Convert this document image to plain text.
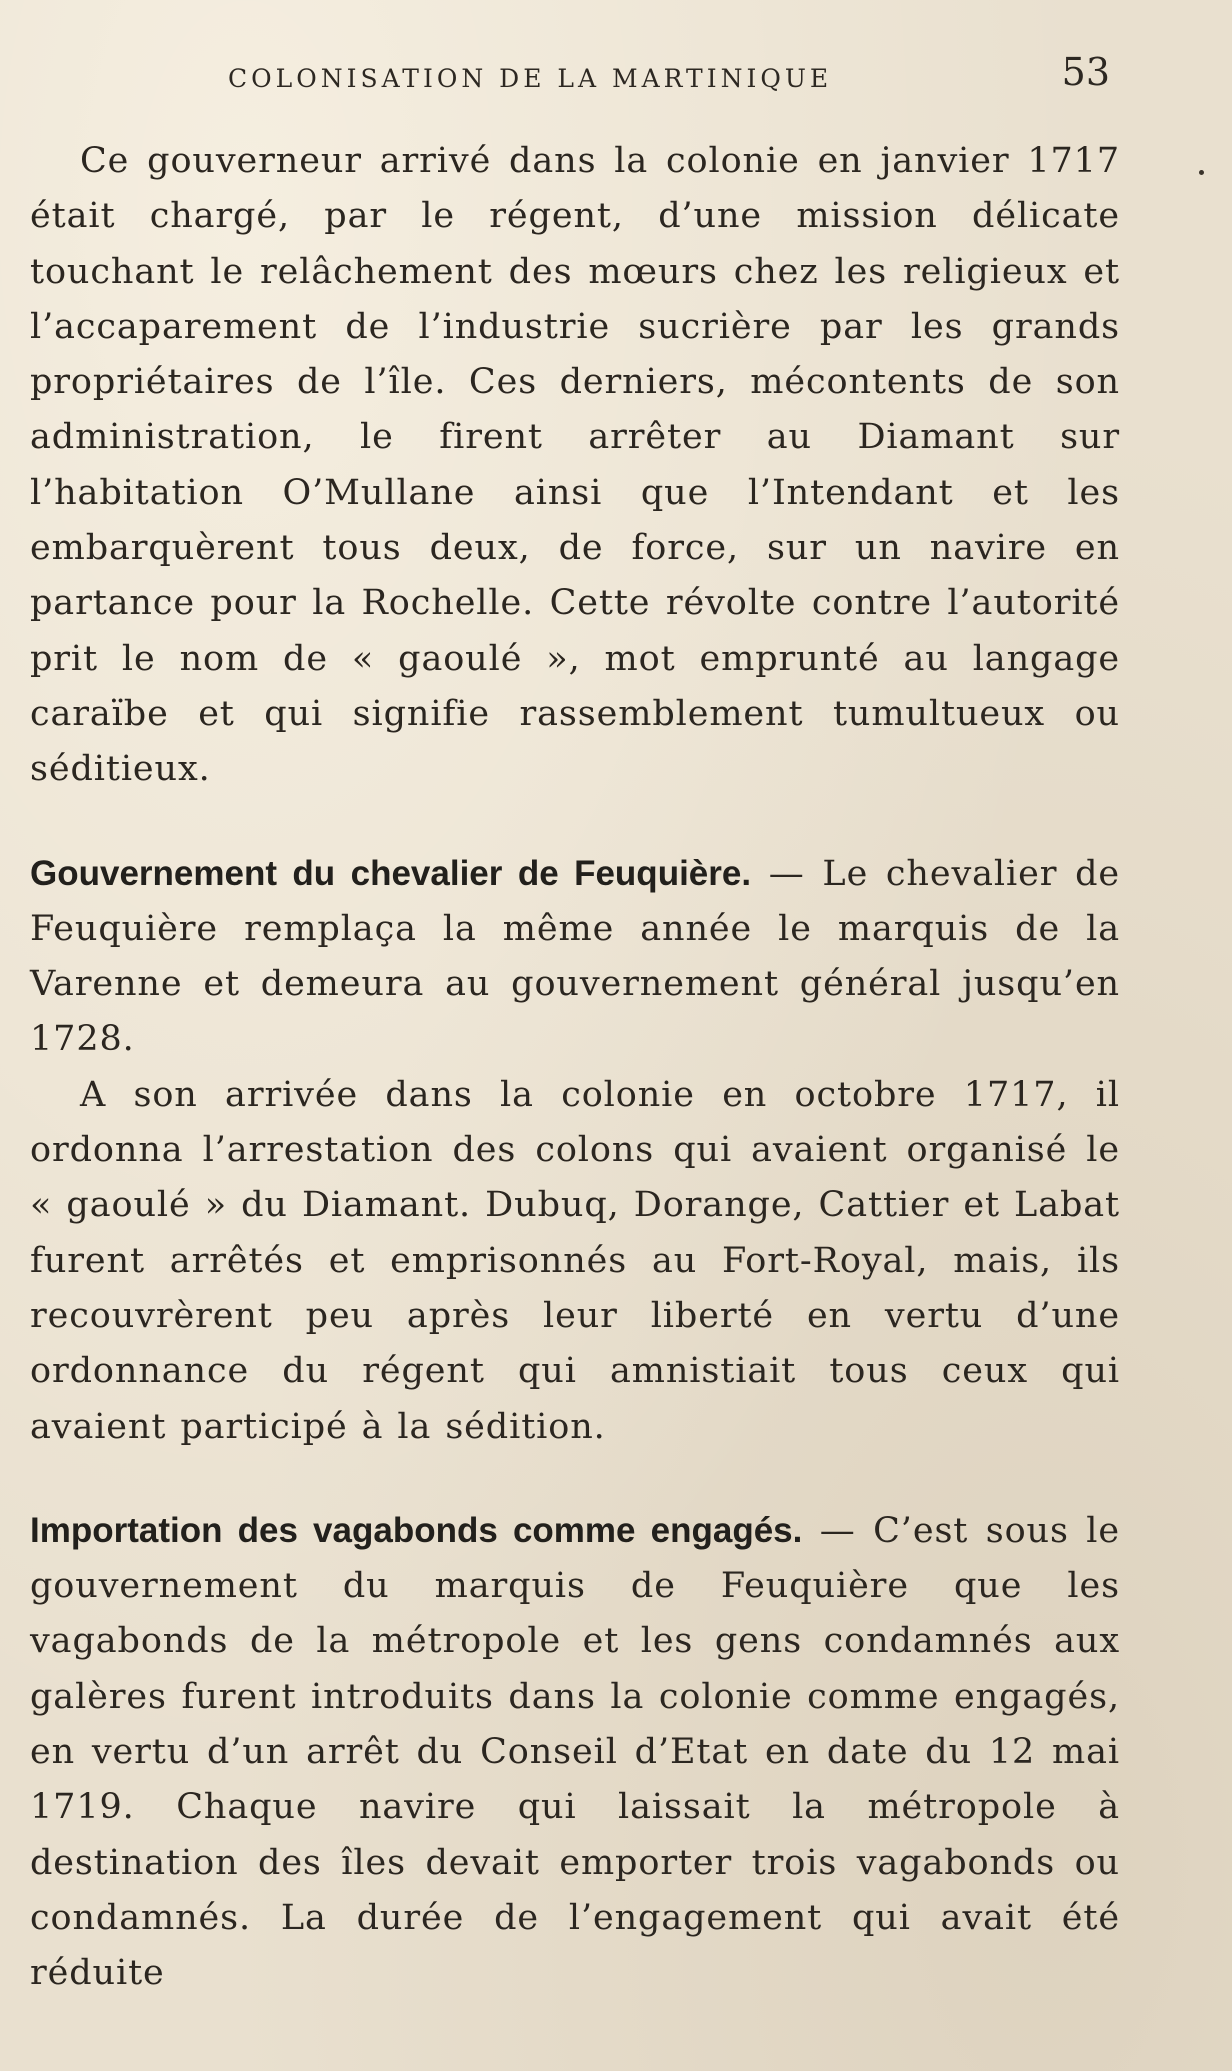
COLONISATION DE LA MARTINIQUE	53

Ce gouverneur arrivé dans la colonie en janvier 1717 était chargé, par le régent, d’une mission délicate touchant le relâchement des mœurs chez les religieux et l’accaparement de l’industrie sucrière par les grands propriétaires de l’île. Ces derniers, mécontents de son administration, le firent arrêter au Diamant sur l’habitation O’Mullane ainsi que l’Intendant et les embarquèrent tous deux, de force, sur un navire en partance pour la Rochelle. Cette révolte contre l’autorité prit le nom de « gaoulé », mot emprunté au langage caraïbe et qui signifie rassemblement tumultueux ou séditieux.

Gouvernement du chevalier de Feuquière. — Le chevalier de Feuquière remplaça la même année le marquis de la Varenne et demeura au gouvernement général jusqu’en 1728.

A son arrivée dans la colonie en octobre 1717, il ordonna l’arrestation des colons qui avaient organisé le « gaoulé » du Diamant. Dubuq, Dorange, Cattier et Labat furent arrêtés et emprisonnés au Fort-Royal, mais, ils recouvrèrent peu après leur liberté en vertu d’une ordonnance du régent qui amnistiait tous ceux qui avaient participé à la sédition.

Importation des vagabonds comme engagés. — C’est sous le gouvernement du marquis de Feuquière que les vagabonds de la métropole et les gens condamnés aux galères furent introduits dans la colonie comme engagés, en vertu d’un arrêt du Conseil d’Etat en date du 12 mai 1719. Chaque navire qui laissait la métropole à destination des îles devait emporter trois vagabonds ou condamnés. La durée de l’engagement qui avait été réduite
